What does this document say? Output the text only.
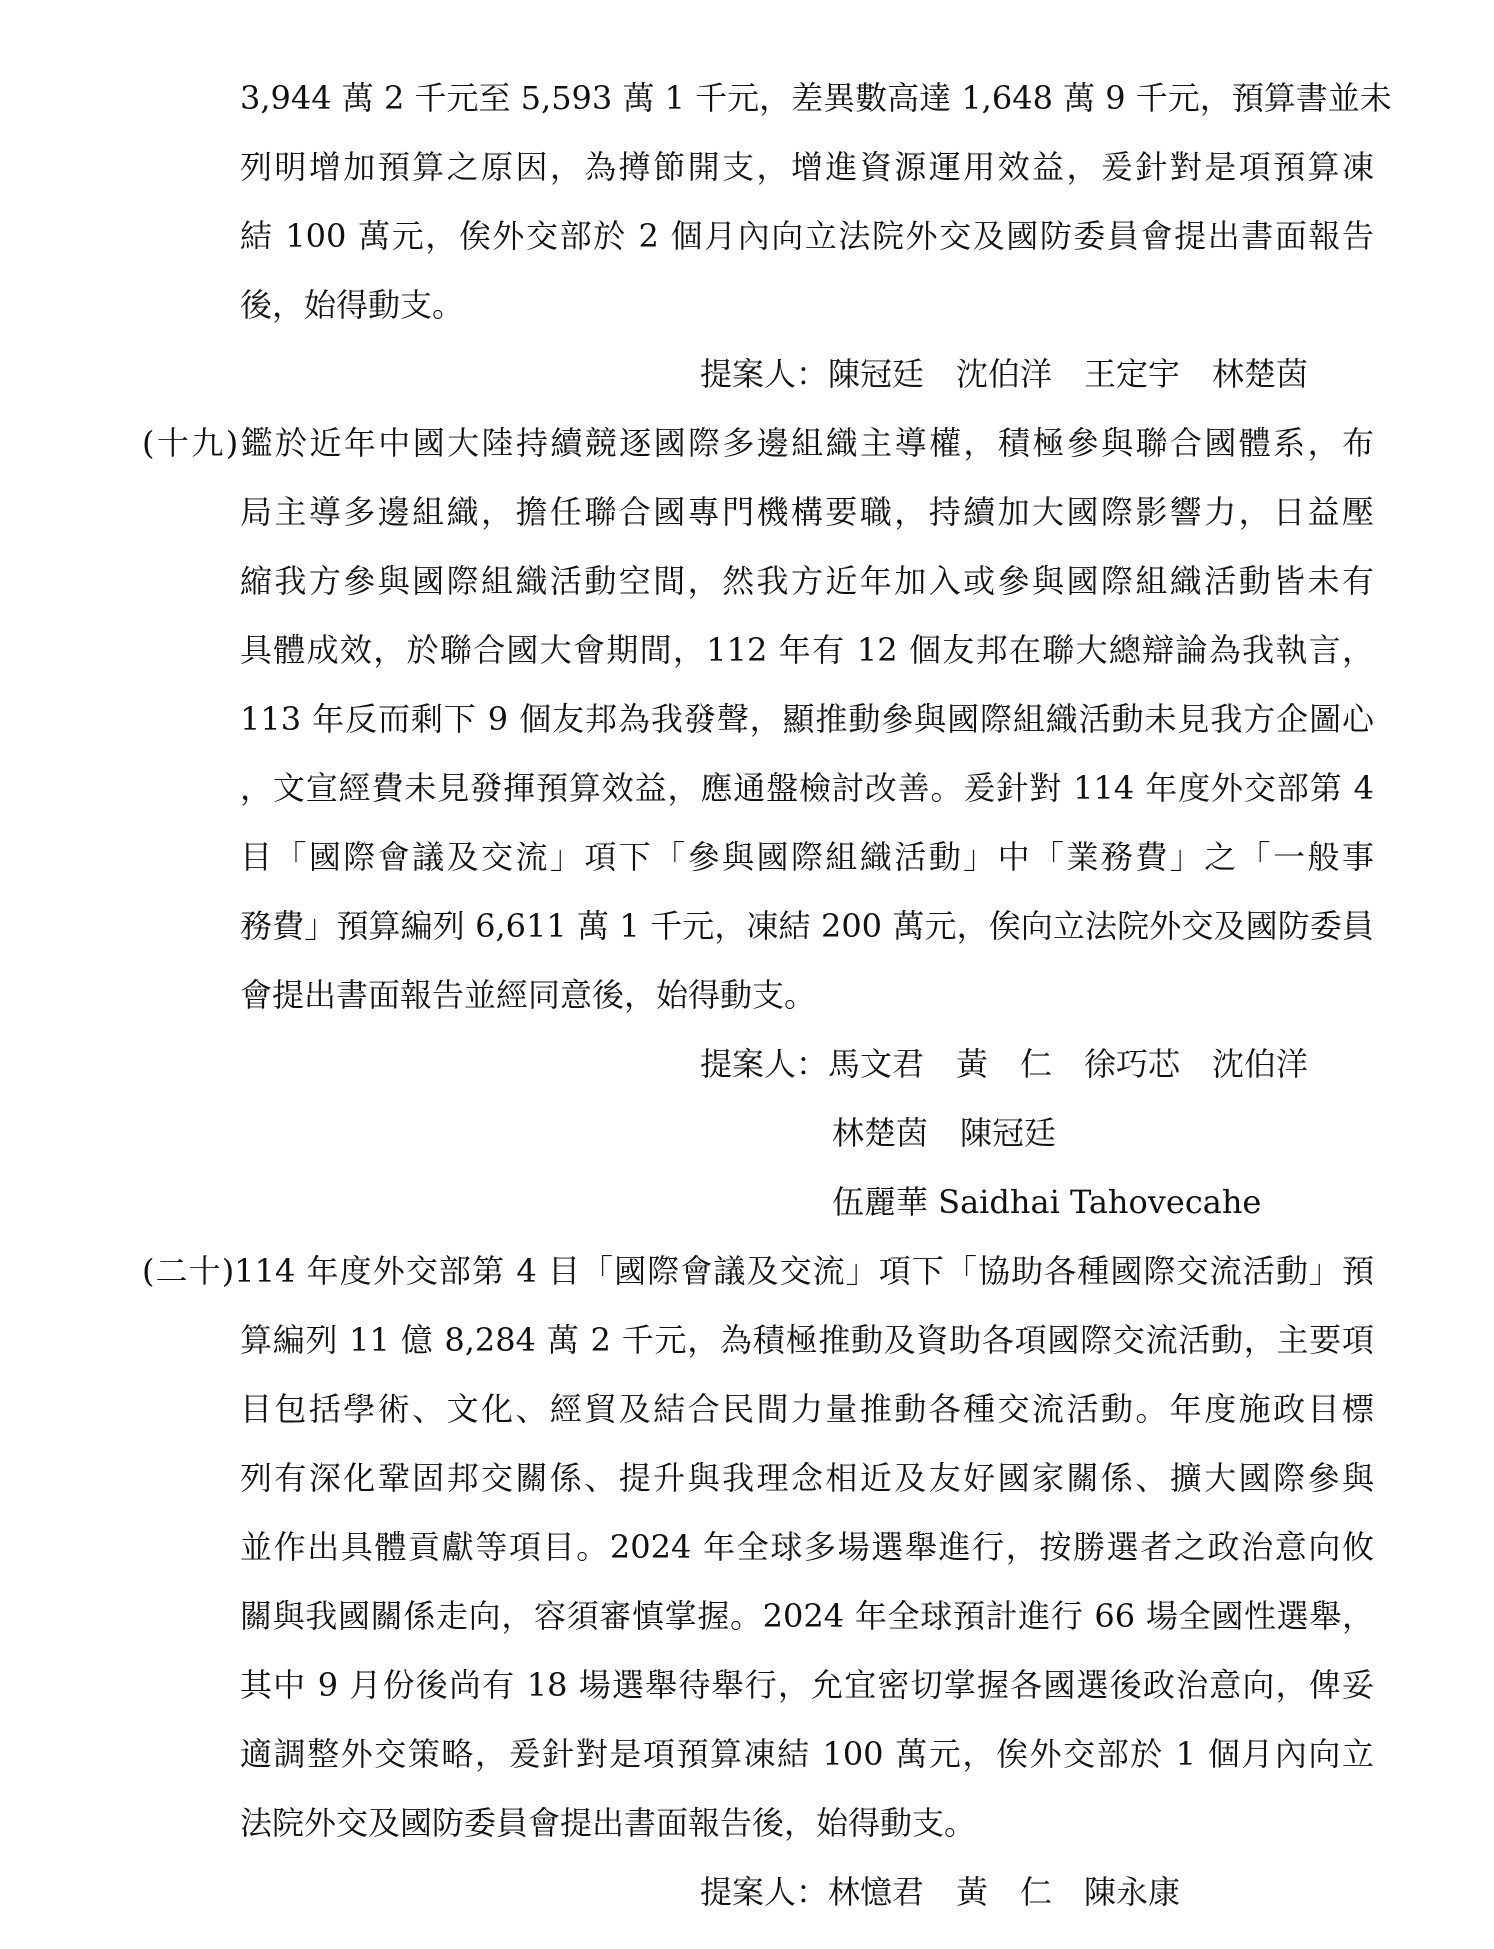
3,944 萬 2 千元至 5,593 萬 1 千元，差異數高達 1,648 萬 9 千元，預算書並未
列明增加預算之原因，為撙節開支，增進資源運用效益，爰針對是項預算凍
結 100 萬元，俟外交部於 2 個月內向立法院外交及國防委員會提出書面報告
後，始得動支。
提案人：陳冠廷　沈伯洋　王定宇　林楚茵
(十九)鑑於近年中國大陸持續競逐國際多邊組織主導權，積極參與聯合國體系，布
局主導多邊組織，擔任聯合國專門機構要職，持續加大國際影響力，日益壓
縮我方參與國際組織活動空間，然我方近年加入或參與國際組織活動皆未有
具體成效，於聯合國大會期間，112 年有 12 個友邦在聯大總辯論為我執言，
113 年反而剩下 9 個友邦為我發聲，顯推動參與國際組織活動未見我方企圖心
，文宣經費未見發揮預算效益，應通盤檢討改善。爰針對 114 年度外交部第 4
目「國際會議及交流」項下「參與國際組織活動」中「業務費」之「一般事
務費」預算編列 6,611 萬 1 千元，凍結 200 萬元，俟向立法院外交及國防委員
會提出書面報告並經同意後，始得動支。
提案人：馬文君　黃　仁　徐巧芯　沈伯洋
林楚茵　陳冠廷
伍麗華 Saidhai Tahovecahe
(二十)114 年度外交部第 4 目「國際會議及交流」項下「協助各種國際交流活動」預
算編列 11 億 8,284 萬 2 千元，為積極推動及資助各項國際交流活動，主要項
目包括學術、文化、經貿及結合民間力量推動各種交流活動。年度施政目標
列有深化鞏固邦交關係、提升與我理念相近及友好國家關係、擴大國際參與
並作出具體貢獻等項目。2024 年全球多場選舉進行，按勝選者之政治意向攸
關與我國關係走向，容須審慎掌握。2024 年全球預計進行 66 場全國性選舉，
其中 9 月份後尚有 18 場選舉待舉行，允宜密切掌握各國選後政治意向，俾妥
適調整外交策略，爰針對是項預算凍結 100 萬元，俟外交部於 1 個月內向立
法院外交及國防委員會提出書面報告後，始得動支。
提案人：林憶君　黃　仁　陳永康
